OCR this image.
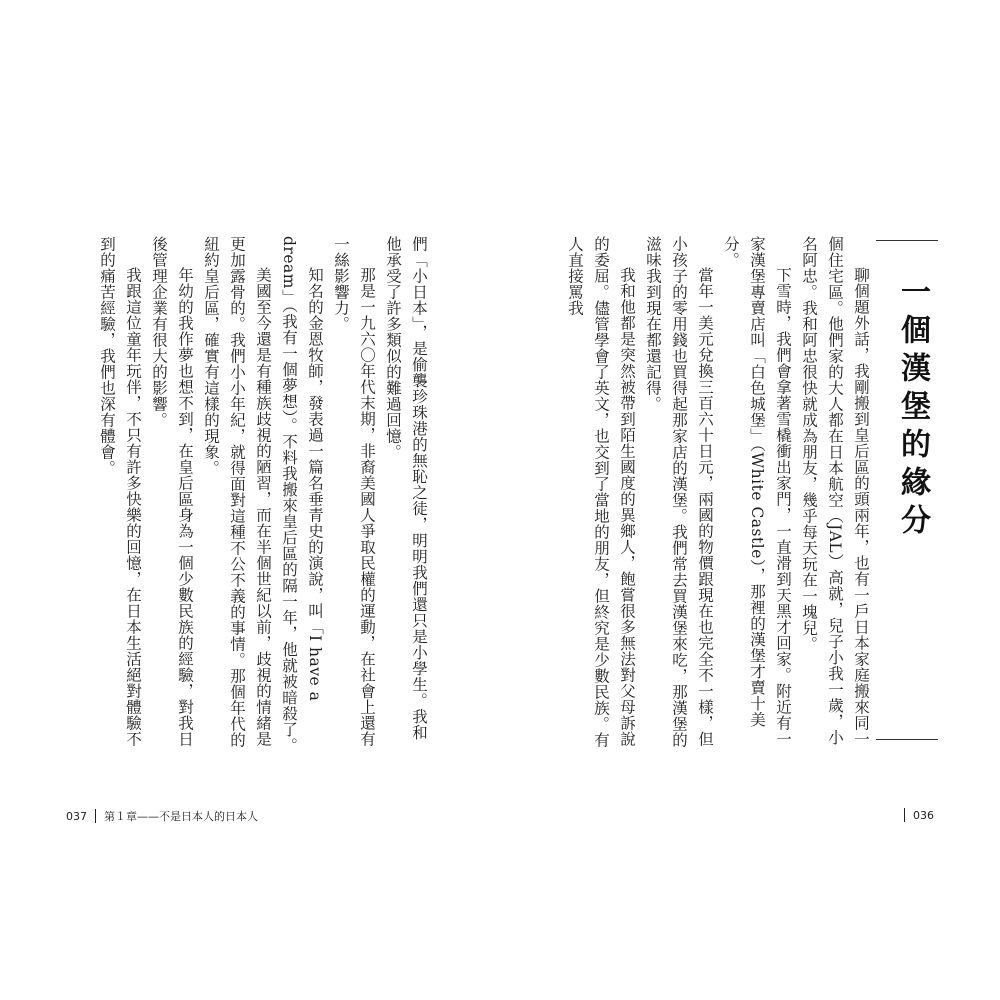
們「小日本」，是偷襲珍珠港的無恥之徒，明明我們還只是小學生。我和他承受了許多類似的難過回憶。

那是一九六〇年代末期，非裔美國人爭取民權的運動，在社會上還有一絲影響力。

知名的金恩牧師，發表過一篇名垂青史的演說，叫「I have a dream」（我有一個夢想）。不料我搬來皇后區的隔一年，他就被暗殺了。

美國至今還是有種族歧視的陋習，而在半個世紀以前，歧視的情緒是更加露骨的。我們小小年紀，就得面對這種不公不義的事情。那個年代的紐約皇后區，確實有這樣的現象。

年幼的我作夢也想不到，在皇后區身為一個少數民族的經驗，對我日後管理企業有很大的影響。

我跟這位童年玩伴，不只有許多快樂的回憶，在日本生活絕對體驗不到的痛苦經驗，我們也深有體會。

037 第１章——不是日本人的日本人
一個漢堡的緣分

聊個題外話，我剛搬到皇后區的頭兩年，也有一戶日本家庭搬來同一個住宅區。他們家的大人都在日本航空（JAL）高就，兒子小我一歲，小名阿忠。我和阿忠很快就成為朋友，幾乎每天玩在一塊兒。

下雪時，我們會拿著雪橇衝出家門，一直滑到天黑才回家。附近有一家漢堡專賣店叫「白色城堡」（White Castle），那裡的漢堡才賣十美分。

當年一美元兌換三百六十日元，兩國的物價跟現在也完全不一樣，但小孩子的零用錢也買得起那家店的漢堡。我們常去買漢堡來吃，那漢堡的滋味我到現在都還記得。

我和他都是突然被帶到陌生國度的異鄉人，飽嘗很多無法對父母訴說的委屈。儘管學會了英文，也交到了當地的朋友，但終究是少數民族。有人直接罵我

036
